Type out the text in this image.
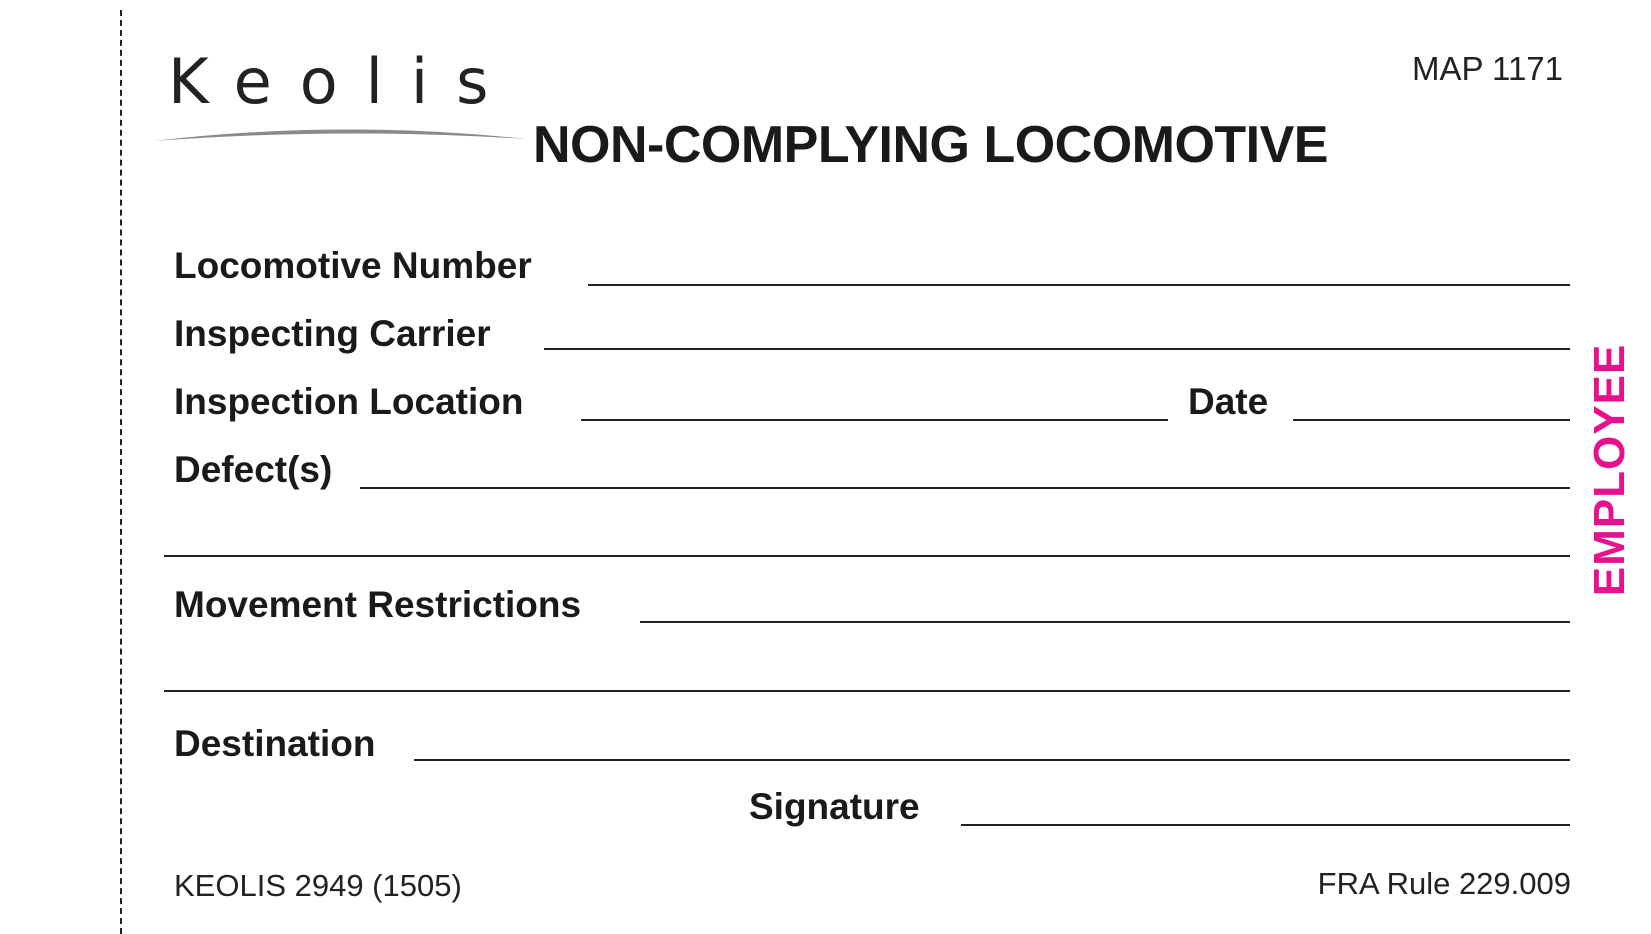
Keolis	MAP 1171
NON-COMPLYING LOCOMOTIVE
Locomotive Number
Inspecting Carrier
Inspection Location	Date
Defect(s)
Movement Restrictions
Destination
Signature
EMPLOYEE
KEOLIS 2949 (1505)	FRA Rule 229.009
